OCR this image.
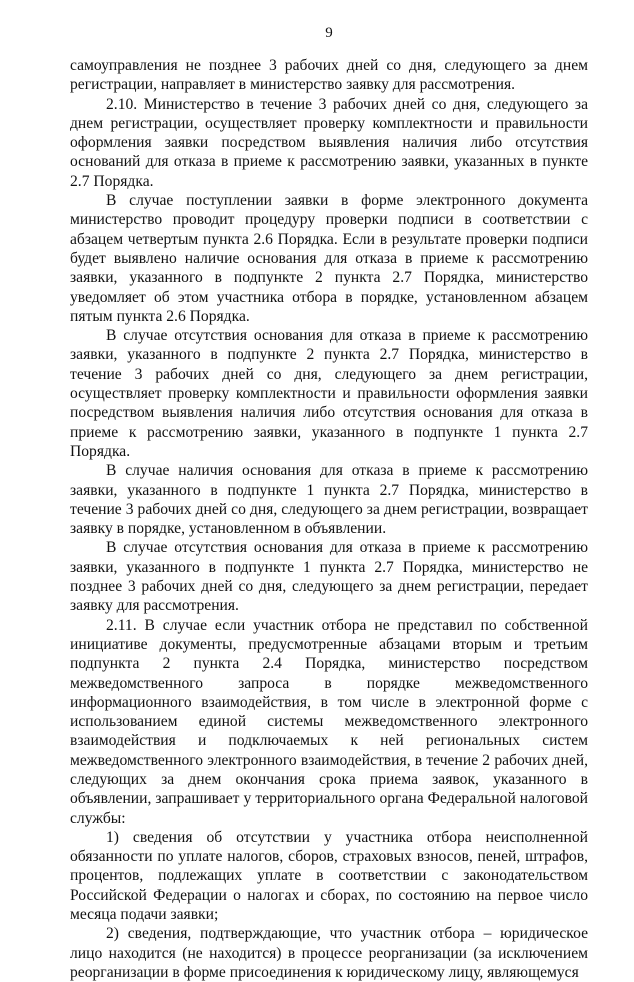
9

самоуправления не позднее 3 рабочих дней со дня, следующего за днем регистрации, направляет в министерство заявку для рассмотрения.

2.10. Министерство в течение 3 рабочих дней со дня, следующего за днем регистрации, осуществляет проверку комплектности и правильности оформления заявки посредством выявления наличия либо отсутствия оснований для отказа в приеме к рассмотрению заявки, указанных в пункте 2.7 Порядка.

В случае поступлении заявки в форме электронного документа министерство проводит процедуру проверки подписи в соответствии с абзацем четвертым пункта 2.6 Порядка. Если в результате проверки подписи будет выявлено наличие основания для отказа в приеме к рассмотрению заявки, указанного в подпункте 2 пункта 2.7 Порядка, министерство уведомляет об этом участника отбора в порядке, установленном абзацем пятым пункта 2.6 Порядка.

В случае отсутствия основания для отказа в приеме к рассмотрению заявки, указанного в подпункте 2 пункта 2.7 Порядка, министерство в течение 3 рабочих дней со дня, следующего за днем регистрации, осуществляет проверку комплектности и правильности оформления заявки посредством выявления наличия либо отсутствия основания для отказа в приеме к рассмотрению заявки, указанного в подпункте 1 пункта 2.7 Порядка.

В случае наличия основания для отказа в приеме к рассмотрению заявки, указанного в подпункте 1 пункта 2.7 Порядка, министерство в течение 3 рабочих дней со дня, следующего за днем регистрации, возвращает заявку в порядке, установленном в объявлении.

В случае отсутствия основания для отказа в приеме к рассмотрению заявки, указанного в подпункте 1 пункта 2.7 Порядка, министерство не позднее 3 рабочих дней со дня, следующего за днем регистрации, передает заявку для рассмотрения.

2.11. В случае если участник отбора не представил по собственной инициативе документы, предусмотренные абзацами вторым и третьим подпункта 2 пункта 2.4 Порядка, министерство посредством межведомственного запроса в порядке межведомственного информационного взаимодействия, в том числе в электронной форме с использованием единой системы межведомственного электронного взаимодействия и подключаемых к ней региональных систем межведомственного электронного взаимодействия, в течение 2 рабочих дней, следующих за днем окончания срока приема заявок, указанного в объявлении, запрашивает у территориального органа Федеральной налоговой службы:

1) сведения об отсутствии у участника отбора неисполненной обязанности по уплате налогов, сборов, страховых взносов, пеней, штрафов, процентов, подлежащих уплате в соответствии с законодательством Российской Федерации о налогах и сборах, по состоянию на первое число месяца подачи заявки;

2) сведения, подтверждающие, что участник отбора – юридическое лицо находится (не находится) в процессе реорганизации (за исключением реорганизации в форме присоединения к юридическому лицу, являющемуся
